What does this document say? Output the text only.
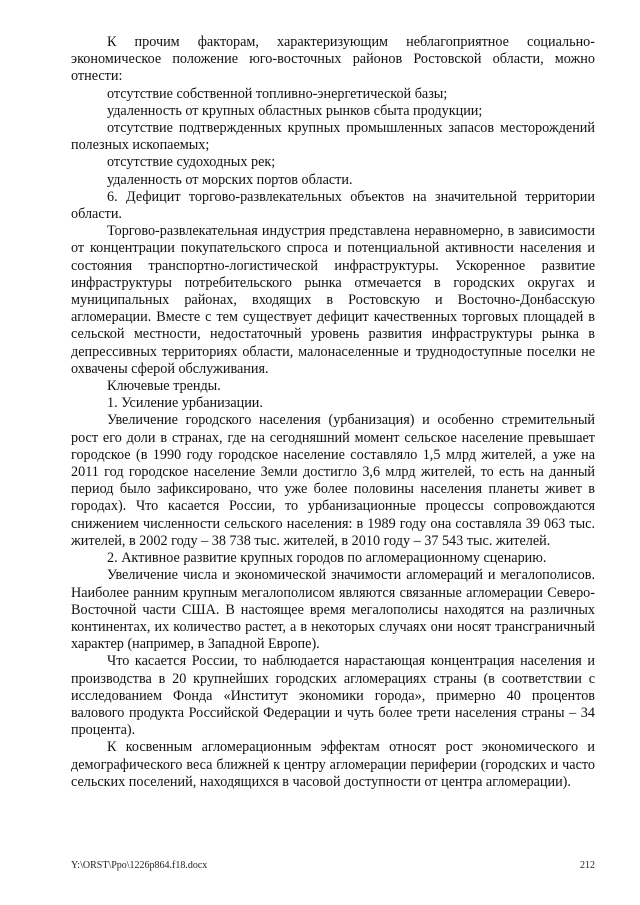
К прочим факторам, характеризующим неблагоприятное социально-экономическое положение юго-восточных районов Ростовской области, можно отнести:

отсутствие собственной топливно-энергетической базы;

удаленность от крупных областных рынков сбыта продукции;

отсутствие подтвержденных крупных промышленных запасов месторождений полезных ископаемых;

отсутствие судоходных рек;

удаленность от морских портов области.

6. Дефицит торгово-развлекательных объектов на значительной территории области.

Торгово-развлекательная индустрия представлена неравномерно, в зависимости от концентрации покупательского спроса и потенциальной активности населения и состояния транспортно-логистической инфраструктуры. Ускоренное развитие инфраструктуры потребительского рынка отмечается в городских округах и муниципальных районах, входящих в Ростовскую и Восточно-Донбасскую агломерации. Вместе с тем существует дефицит качественных торговых площадей в сельской местности, недостаточный уровень развития инфраструктуры рынка в депрессивных территориях области, малонаселенные и труднодоступные поселки не охвачены сферой обслуживания.

Ключевые тренды.

1. Усиление урбанизации.

Увеличение городского населения (урбанизация) и особенно стремительный рост его доли в странах, где на сегодняшний момент сельское население превышает городское (в 1990 году городское население составляло 1,5 млрд жителей, а уже на 2011 год городское население Земли достигло 3,6 млрд жителей, то есть на данный период было зафиксировано, что уже более половины населения планеты живет в городах). Что касается России, то урбанизационные процессы сопровождаются снижением численности сельского населения: в 1989 году она составляла 39 063 тыс. жителей, в 2002 году – 38 738 тыс. жителей, в 2010 году – 37 543 тыс. жителей.

2. Активное развитие крупных городов по агломерационному сценарию.

Увеличение числа и экономической значимости агломераций и мегалополисов. Наиболее ранним крупным мегалополисом являются связанные агломерации Северо-Восточной части США. В настоящее время мегалополисы находятся на различных континентах, их количество растет, а в некоторых случаях они носят трансграничный характер (например, в Западной Европе).

Что касается России, то наблюдается нарастающая концентрация населения и производства в 20 крупнейших городских агломерациях страны (в соответствии с исследованием Фонда «Институт экономики города», примерно 40 процентов валового продукта Российской Федерации и чуть более трети населения страны – 34 процента).

К косвенным агломерационным эффектам относят рост экономического и демографического веса ближней к центру агломерации периферии (городских и часто сельских поселений, находящихся в часовой доступности от центра агломерации).

Y:\ORST\Ppo\1226p864.f18.docx	212
